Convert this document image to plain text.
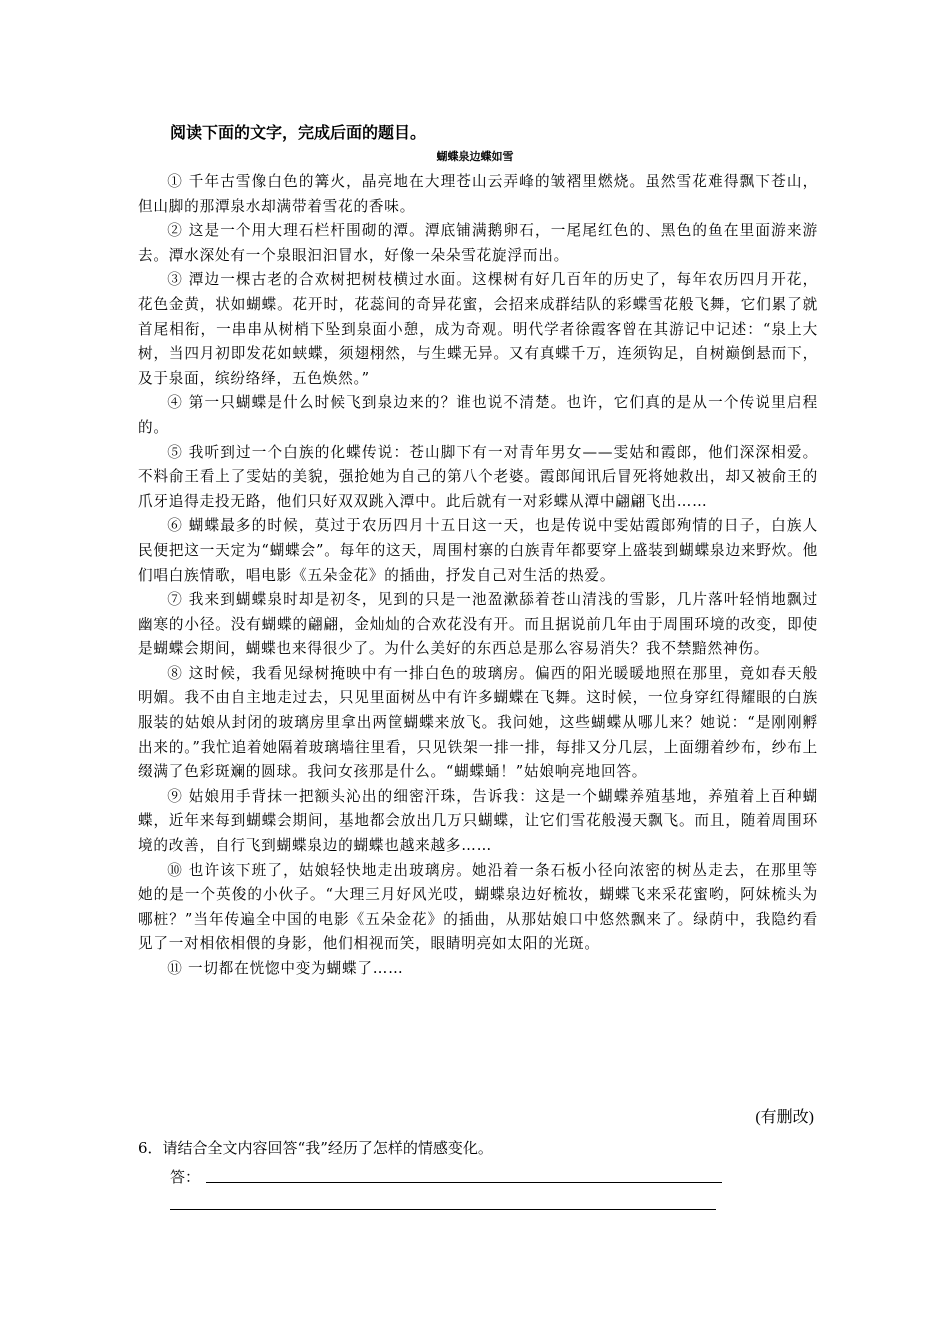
阅读下面的文字，完成后面的题目。
蝴蝶泉边蝶如雪

① 千年古雪像白色的篝火，晶亮地在大理苍山云弄峰的皱褶里燃烧。虽然雪花难得飘下苍山，但山脚的那潭泉水却满带着雪花的香味。

② 这是一个用大理石栏杆围砌的潭。潭底铺满鹅卵石，一尾尾红色的、黑色的鱼在里面游来游去。潭水深处有一个泉眼汩汩冒水，好像一朵朵雪花旋浮而出。

③ 潭边一棵古老的合欢树把树枝横过水面。这棵树有好几百年的历史了，每年农历四月开花，花色金黄，状如蝴蝶。花开时，花蕊间的奇异花蜜，会招来成群结队的彩蝶雪花般飞舞，它们累了就首尾相衔，一串串从树梢下坠到泉面小憩，成为奇观。明代学者徐霞客曾在其游记中记述：“泉上大树，当四月初即发花如蛱蝶，须翅栩然，与生蝶无异。又有真蝶千万，连须钩足，自树巅倒悬而下，及于泉面，缤纷络绎，五色焕然。”

④ 第一只蝴蝶是什么时候飞到泉边来的？谁也说不清楚。也许，它们真的是从一个传说里启程的。

⑤ 我听到过一个白族的化蝶传说：苍山脚下有一对青年男女——雯姑和霞郎，他们深深相爱。不料俞王看上了雯姑的美貌，强抢她为自己的第八个老婆。霞郎闻讯后冒死将她救出，却又被俞王的爪牙追得走投无路，他们只好双双跳入潭中。此后就有一对彩蝶从潭中翩翩飞出……

⑥ 蝴蝶最多的时候，莫过于农历四月十五日这一天，也是传说中雯姑霞郎殉情的日子，白族人民便把这一天定为“蝴蝶会”。每年的这天，周围村寨的白族青年都要穿上盛装到蝴蝶泉边来野炊。他们唱白族情歌，唱电影《五朵金花》的插曲，抒发自己对生活的热爱。

⑦ 我来到蝴蝶泉时却是初冬，见到的只是一池盈漱舔着苍山清浅的雪影，几片落叶轻悄地飘过幽寒的小径。没有蝴蝶的翩翩，金灿灿的合欢花没有开。而且据说前几年由于周围环境的改变，即使是蝴蝶会期间，蝴蝶也来得很少了。为什么美好的东西总是那么容易消失？我不禁黯然神伤。

⑧ 这时候，我看见绿树掩映中有一排白色的玻璃房。偏西的阳光暖暖地照在那里，竟如春天般明媚。我不由自主地走过去，只见里面树丛中有许多蝴蝶在飞舞。这时候，一位身穿红得耀眼的白族服装的姑娘从封闭的玻璃房里拿出两筐蝴蝶来放飞。我问她，这些蝴蝶从哪儿来？她说：“是刚刚孵出来的。”我忙追着她隔着玻璃墙往里看，只见铁架一排一排，每排又分几层，上面绷着纱布，纱布上缀满了色彩斑斓的圆球。我问女孩那是什么。“蝴蝶蛹！”姑娘响亮地回答。

⑨ 姑娘用手背抹一把额头沁出的细密汗珠，告诉我：这是一个蝴蝶养殖基地，养殖着上百种蝴蝶，近年来每到蝴蝶会期间，基地都会放出几万只蝴蝶，让它们雪花般漫天飘飞。而且，随着周围环境的改善，自行飞到蝴蝶泉边的蝴蝶也越来越多……

⑩ 也许该下班了，姑娘轻快地走出玻璃房。她沿着一条石板小径向浓密的树丛走去，在那里等她的是一个英俊的小伙子。“大理三月好风光哎，蝴蝶泉边好梳妆，蝴蝶飞来采花蜜哟，阿妹梳头为哪桩？”当年传遍全中国的电影《五朵金花》的插曲，从那姑娘口中悠然飘来了。绿荫中，我隐约看见了一对相依相偎的身影，他们相视而笑，眼睛明亮如太阳的光斑。

⑪ 一切都在恍惚中变为蝴蝶了……

(有删改)
6．请结合全文内容回答“我”经历了怎样的情感变化。
答：
